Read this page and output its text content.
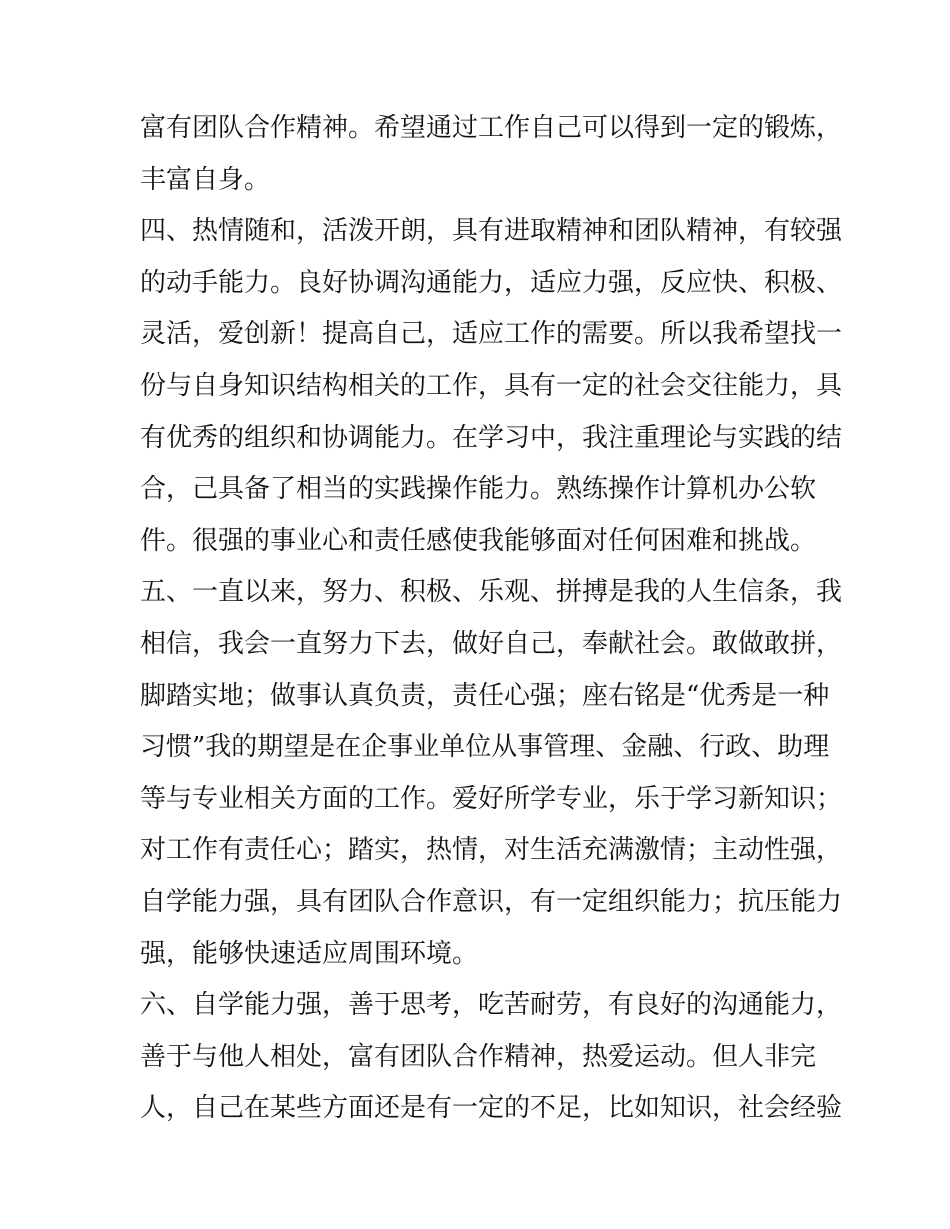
富有团队合作精神。希望通过工作自己可以得到一定的锻炼，
丰富自身。
四、热情随和，活泼开朗，具有进取精神和团队精神，有较强
的动手能力。良好协调沟通能力，适应力强，反应快、积极、
灵活，爱创新！提高自己，适应工作的需要。所以我希望找一
份与自身知识结构相关的工作，具有一定的社会交往能力，具
有优秀的组织和协调能力。在学习中，我注重理论与实践的结
合，己具备了相当的实践操作能力。熟练操作计算机办公软
件。很强的事业心和责任感使我能够面对任何困难和挑战。
五、一直以来，努力、积极、乐观、拼搏是我的人生信条，我
相信，我会一直努力下去，做好自己，奉献社会。敢做敢拼，
脚踏实地；做事认真负责，责任心强；座右铭是“优秀是一种
习惯”我的期望是在企事业单位从事管理、金融、行政、助理
等与专业相关方面的工作。爱好所学专业，乐于学习新知识；
对工作有责任心；踏实，热情，对生活充满激情；主动性强，
自学能力强，具有团队合作意识，有一定组织能力；抗压能力
强，能够快速适应周围环境。
六、自学能力强，善于思考，吃苦耐劳，有良好的沟通能力，
善于与他人相处，富有团队合作精神，热爱运动。但人非完
人，自己在某些方面还是有一定的不足，比如知识，社会经验
